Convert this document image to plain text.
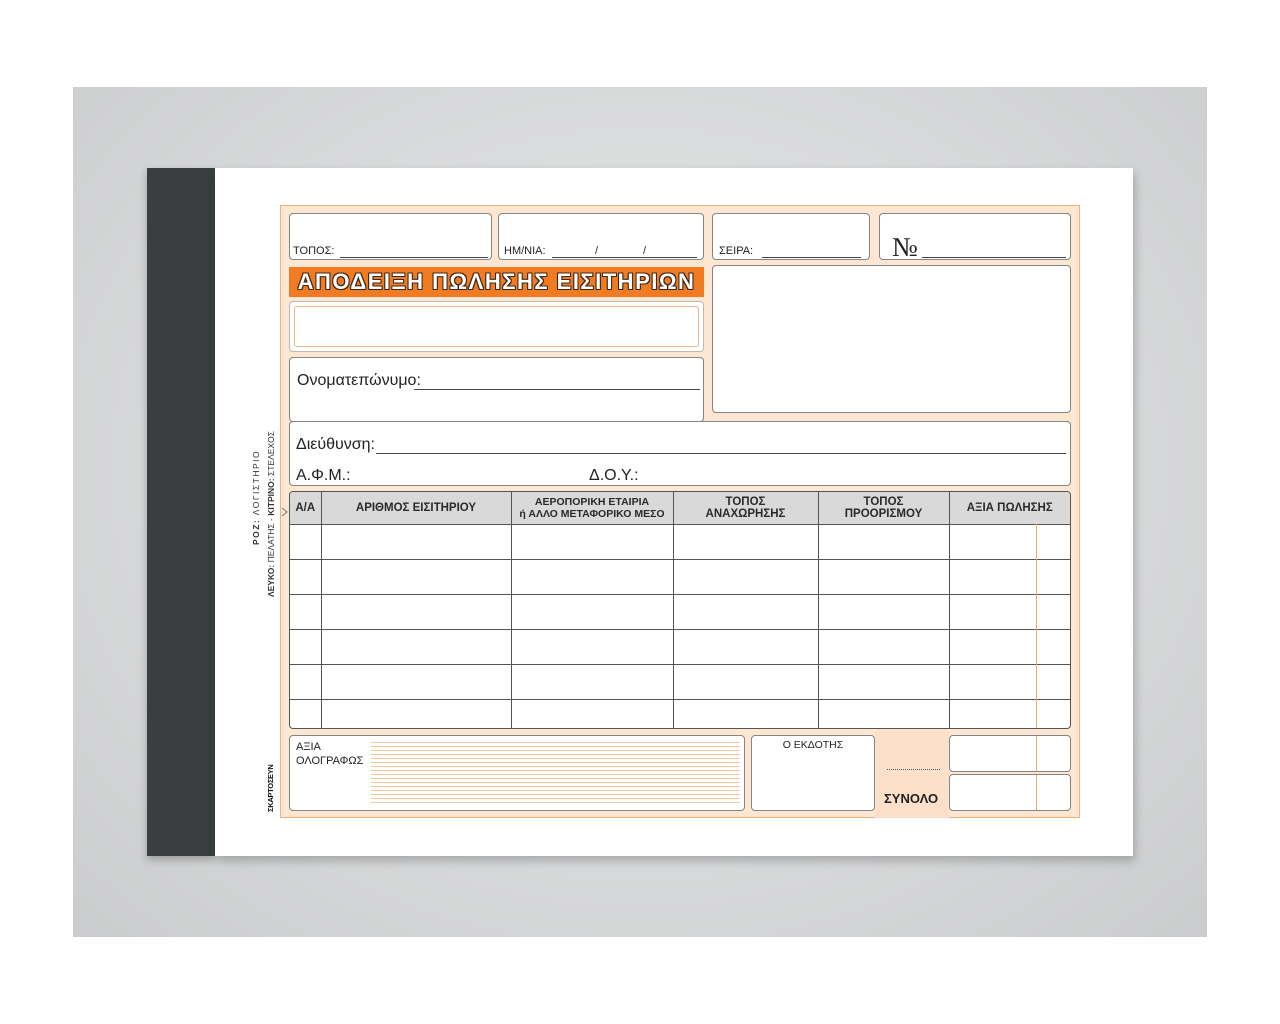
ΡΟΖ: ΛΟΓΙΣΤΗΡΙΟ
ΛΕΥΚΟ: ΠΕΛΑΤΗΣ - ΚΙΤΡΙΝΟ: ΣΤΕΛΕΧΟΣ
ΣΚΑΡΤΟΣΕΥΝ
ΤΟΠΟΣ:	ΗΜ/ΝΙΑ:	/	/	ΣΕΙΡΑ:	№
ΑΠΟΔΕΙΞΗ ΠΩΛΗΣΗΣ ΕΙΣΙΤΗΡΙΩΝ
Ονοματεπώνυμο:
Διεύθυνση:
Α.Φ.Μ.:	Δ.Ο.Υ.:
Α/Α	ΑΡΙΘΜΟΣ ΕΙΣΙΤΗΡΙΟΥ	ΑΕΡΟΠΟΡΙΚΗ ΕΤΑΙΡΙΑ
ή ΑΛΛΟ ΜΕΤΑΦΟΡΙΚΟ ΜΕΣΟ	ΤΟΠΟΣ
ΑΝΑΧΩΡΗΣΗΣ	ΤΟΠΟΣ
ΠΡΟΟΡΙΣΜΟΥ	ΑΞΙΑ ΠΩΛΗΣΗΣ

ΑΞΙΑ
ΟΛΟΓΡΑΦΩΣ
Ο ΕΚΔΟΤΗΣ
ΣΥΝΟΛΟ
